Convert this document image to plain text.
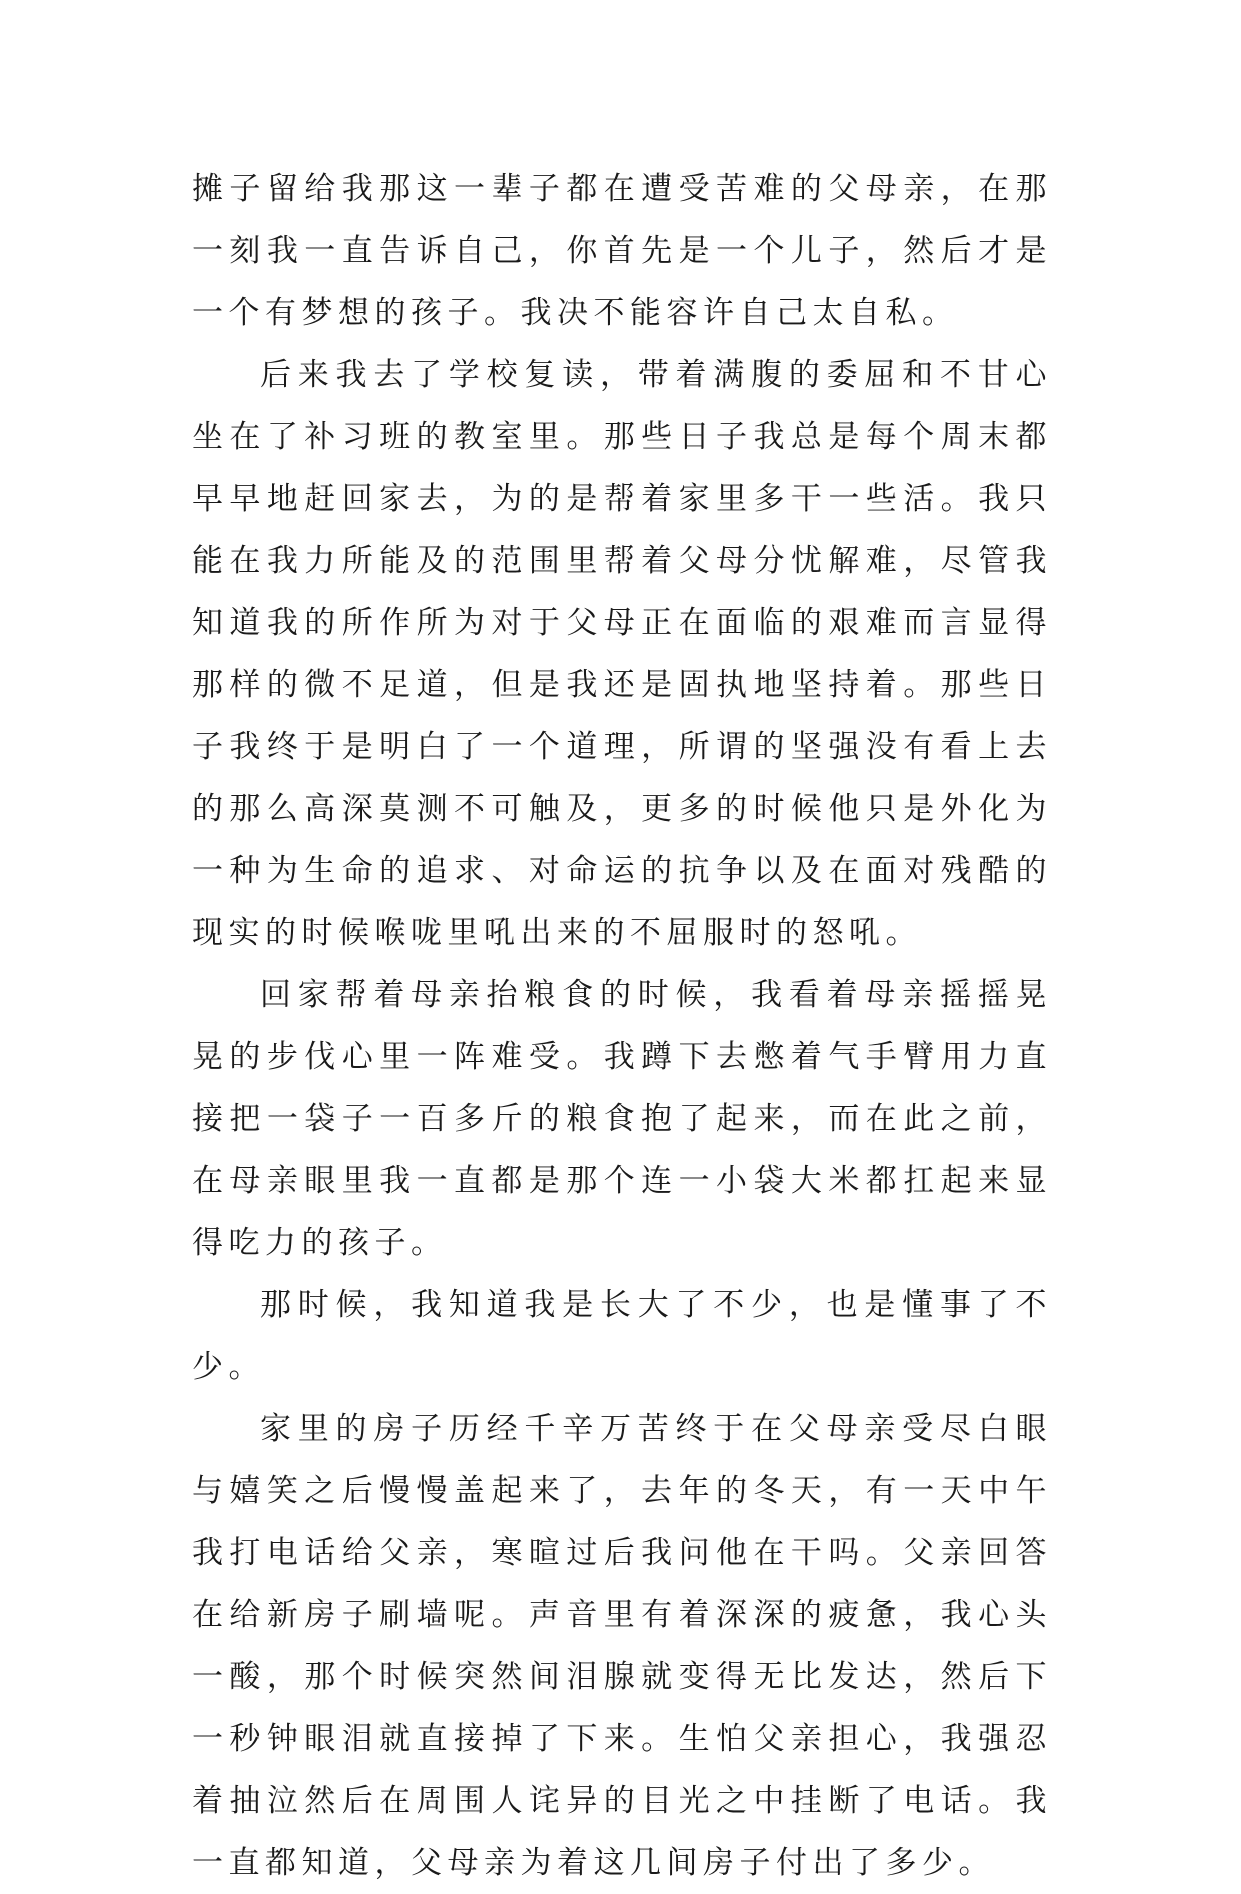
摊子留给我那这一辈子都在遭受苦难的父母亲，在那一刻我一直告诉自己，你首先是一个儿子，然后才是一个有梦想的孩子。我决不能容许自己太自私。

后来我去了学校复读，带着满腹的委屈和不甘心坐在了补习班的教室里。那些日子我总是每个周末都早早地赶回家去，为的是帮着家里多干一些活。我只能在我力所能及的范围里帮着父母分忧解难，尽管我知道我的所作所为对于父母正在面临的艰难而言显得那样的微不足道，但是我还是固执地坚持着。那些日子我终于是明白了一个道理，所谓的坚强没有看上去的那么高深莫测不可触及，更多的时候他只是外化为一种为生命的追求、对命运的抗争以及在面对残酷的现实的时候喉咙里吼出来的不屈服时的怒吼。

回家帮着母亲抬粮食的时候，我看着母亲摇摇晃晃的步伐心里一阵难受。我蹲下去憋着气手臂用力直接把一袋子一百多斤的粮食抱了起来，而在此之前，在母亲眼里我一直都是那个连一小袋大米都扛起来显得吃力的孩子。

那时候，我知道我是长大了不少，也是懂事了不少。

家里的房子历经千辛万苦终于在父母亲受尽白眼与嬉笑之后慢慢盖起来了，去年的冬天，有一天中午我打电话给父亲，寒暄过后我问他在干吗。父亲回答在给新房子刷墙呢。声音里有着深深的疲惫，我心头一酸，那个时候突然间泪腺就变得无比发达，然后下一秒钟眼泪就直接掉了下来。生怕父亲担心，我强忍着抽泣然后在周围人诧异的目光之中挂断了电话。我一直都知道，父母亲为着这几间房子付出了多少。
